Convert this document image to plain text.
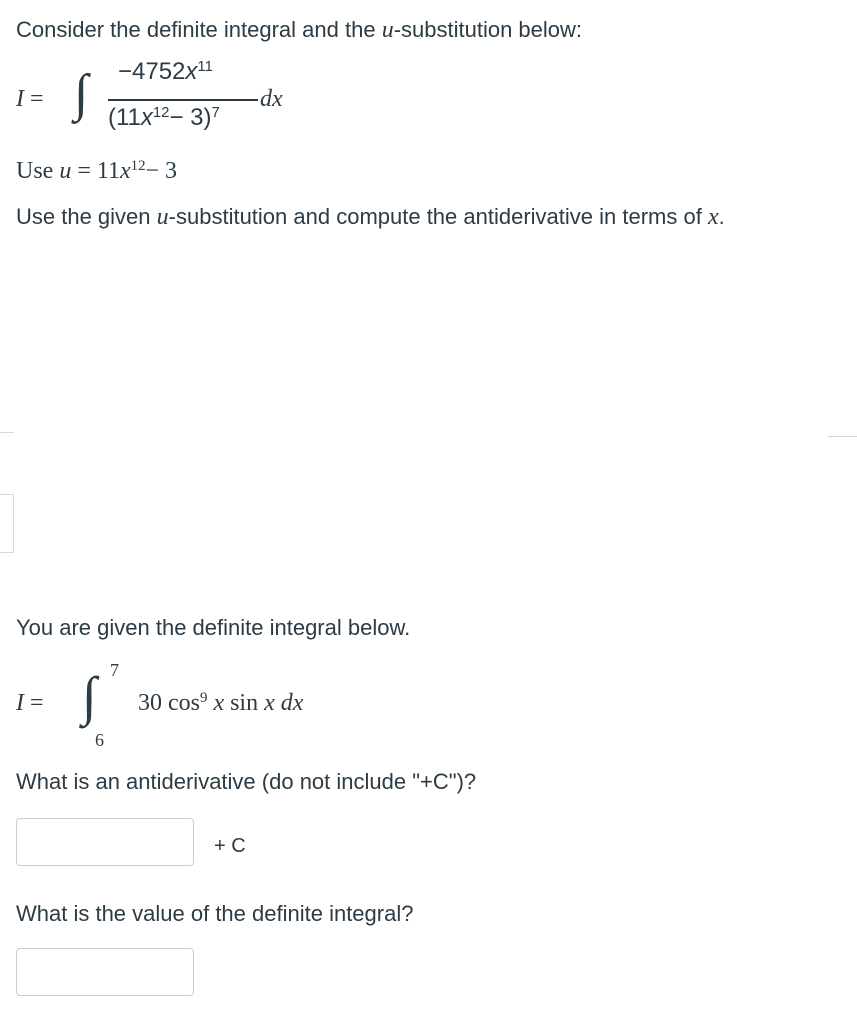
Consider the definite integral and the u-substitution below:
I = ∫ $-4752x^{11}$
$(11x^{12}- 3)^7$
dx
Use $u = 11x^{12}- 3$
Use the given u-substitution and compute the antiderivative in terms of x.
You are given the definite integral below.
I = ∫ 7
6
30 $\cos^9 x$ sin x dx
What is an antiderivative (do not include "+C")?
+ C
What is the value of the definite integral?
